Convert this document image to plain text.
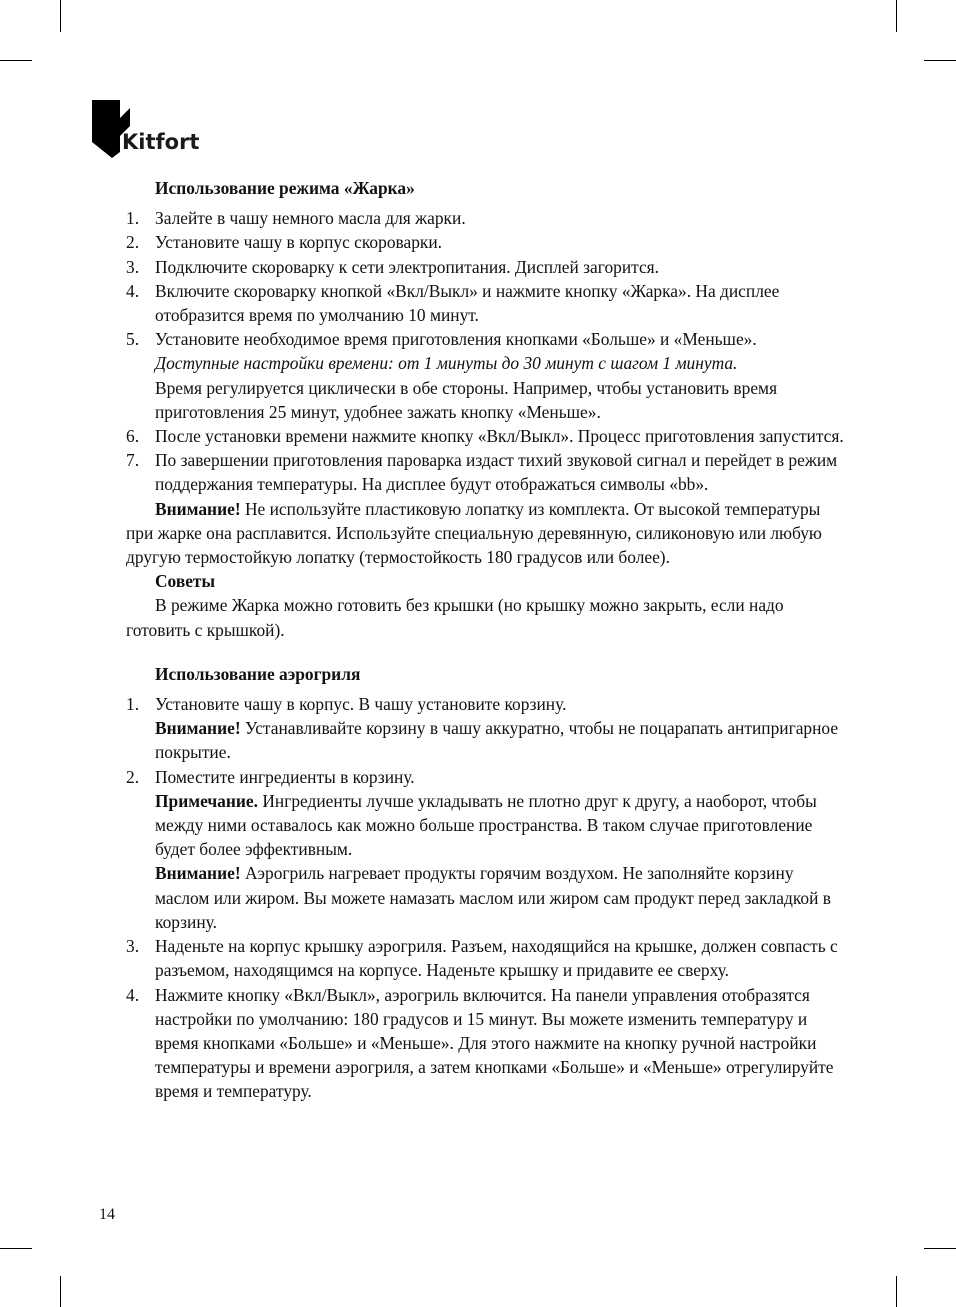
Kitfort
Использование режима «Жарка»
1. Залейте в чашу немного масла для жарки.
2. Установите чашу в корпус скороварки.
3. Подключите скороварку к сети электропитания. Дисплей загорится.
4. Включите скороварку кнопкой «Вкл/Выкл» и нажмите кнопку «Жарка». На дисплее отобразится время по умолчанию 10 минут.
5. Установите необходимое время приготовления кнопками «Больше» и «Меньше».
Доступные настройки времени: от 1 минуты до 30 минут с шагом 1 минута.
Время регулируется циклически в обе стороны. Например, чтобы установить время приготовления 25 минут, удобнее зажать кнопку «Меньше».
6. После установки времени нажмите кнопку «Вкл/Выкл». Процесс приготовления запустится.
7. По завершении приготовления пароварка издаст тихий звуковой сигнал и перейдет в режим поддержания температуры. На дисплее будут отображаться символы «bb».

Внимание! Не используйте пластиковую лопатку из комплекта. От высокой температуры при жарке она расплавится. Используйте специальную деревянную, силиконовую или любую другую термостойкую лопатку (термостойкость 180 градусов или более).

Советы

В режиме Жарка можно готовить без крышки (но крышку можно закрыть, если надо готовить с крышкой).

Использование аэрогриля
1. Установите чашу в корпус. В чашу установите корзину.
Внимание! Устанавливайте корзину в чашу аккуратно, чтобы не поцарапать антипригарное покрытие.
2. Поместите ингредиенты в корзину.
Примечание. Ингредиенты лучше укладывать не плотно друг к другу, а наоборот, чтобы между ними оставалось как можно больше пространства. В таком случае приготовление будет более эффективным.
Внимание! Аэрогриль нагревает продукты горячим воздухом. Не заполняйте корзину маслом или жиром. Вы можете намазать маслом или жиром сам продукт перед закладкой в корзину.
3. Наденьте на корпус крышку аэрогриля. Разъем, находящийся на крышке, должен совпасть с разъемом, находящимся на корпусе. Наденьте крышку и придавите ее сверху.
4. Нажмите кнопку «Вкл/Выкл», аэрогриль включится. На панели управления отобразятся настройки по умолчанию: 180 градусов и 15 минут. Вы можете изменить температуру и время кнопками «Больше» и «Меньше». Для этого нажмите на кнопку ручной настройки температуры и времени аэрогриля, а затем кнопками «Больше» и «Меньше» отрегулируйте время и температуру.
14
